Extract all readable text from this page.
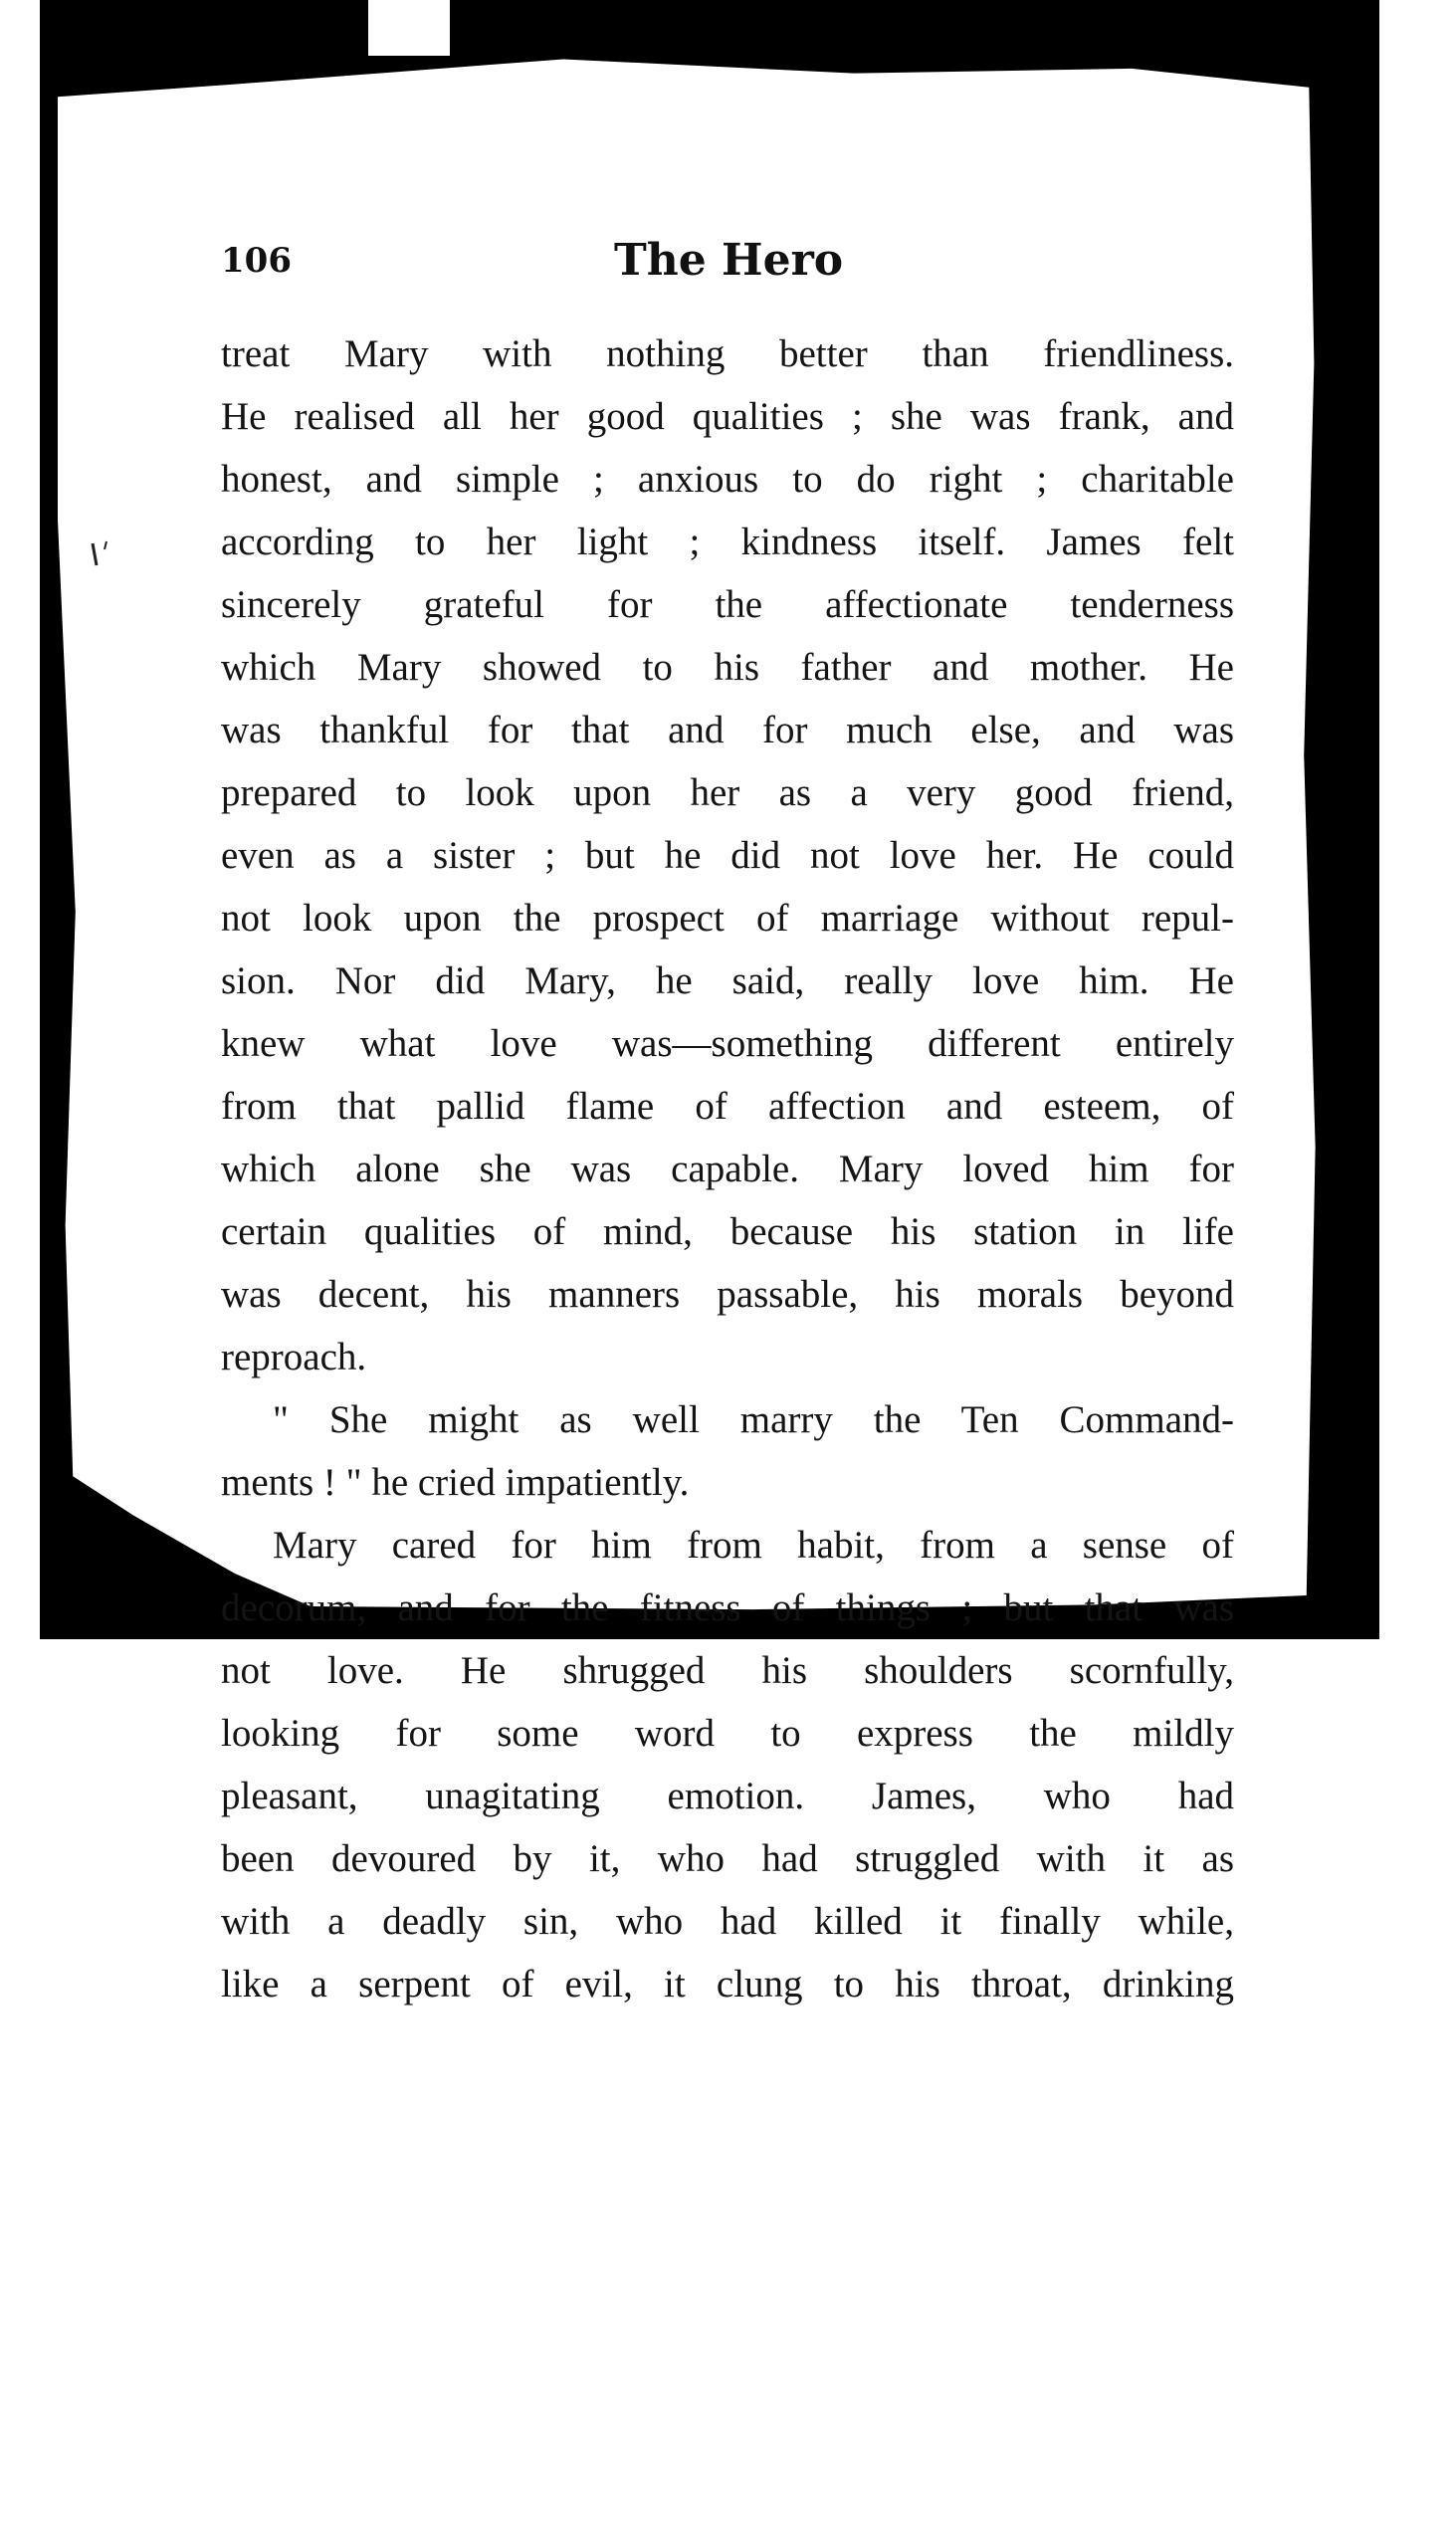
106	The Hero
treat Mary with nothing better than friendliness.
He realised all her good qualities ; she was frank, and
honest, and simple ; anxious to do right ; charitable
according to her light ; kindness itself. James felt
sincerely grateful for the affectionate tenderness
which Mary showed to his father and mother. He
was thankful for that and for much else, and was
prepared to look upon her as a very good friend,
even as a sister ; but he did not love her. He could
not look upon the prospect of marriage without repul-
sion. Nor did Mary, he said, really love him. He
knew what love was—something different entirely
from that pallid flame of affection and esteem, of
which alone she was capable. Mary loved him for
certain qualities of mind, because his station in life
was decent, his manners passable, his morals beyond
reproach.
" She might as well marry the Ten Command-
ments ! " he cried impatiently.
Mary cared for him from habit, from a sense of
decorum, and for the fitness of things ; but that was
not love. He shrugged his shoulders scornfully,
looking for some word to express the mildly
pleasant, unagitating emotion. James, who had
been devoured by it, who had struggled with it as
with a deadly sin, who had killed it finally while,
like a serpent of evil, it clung to his throat, drinking
